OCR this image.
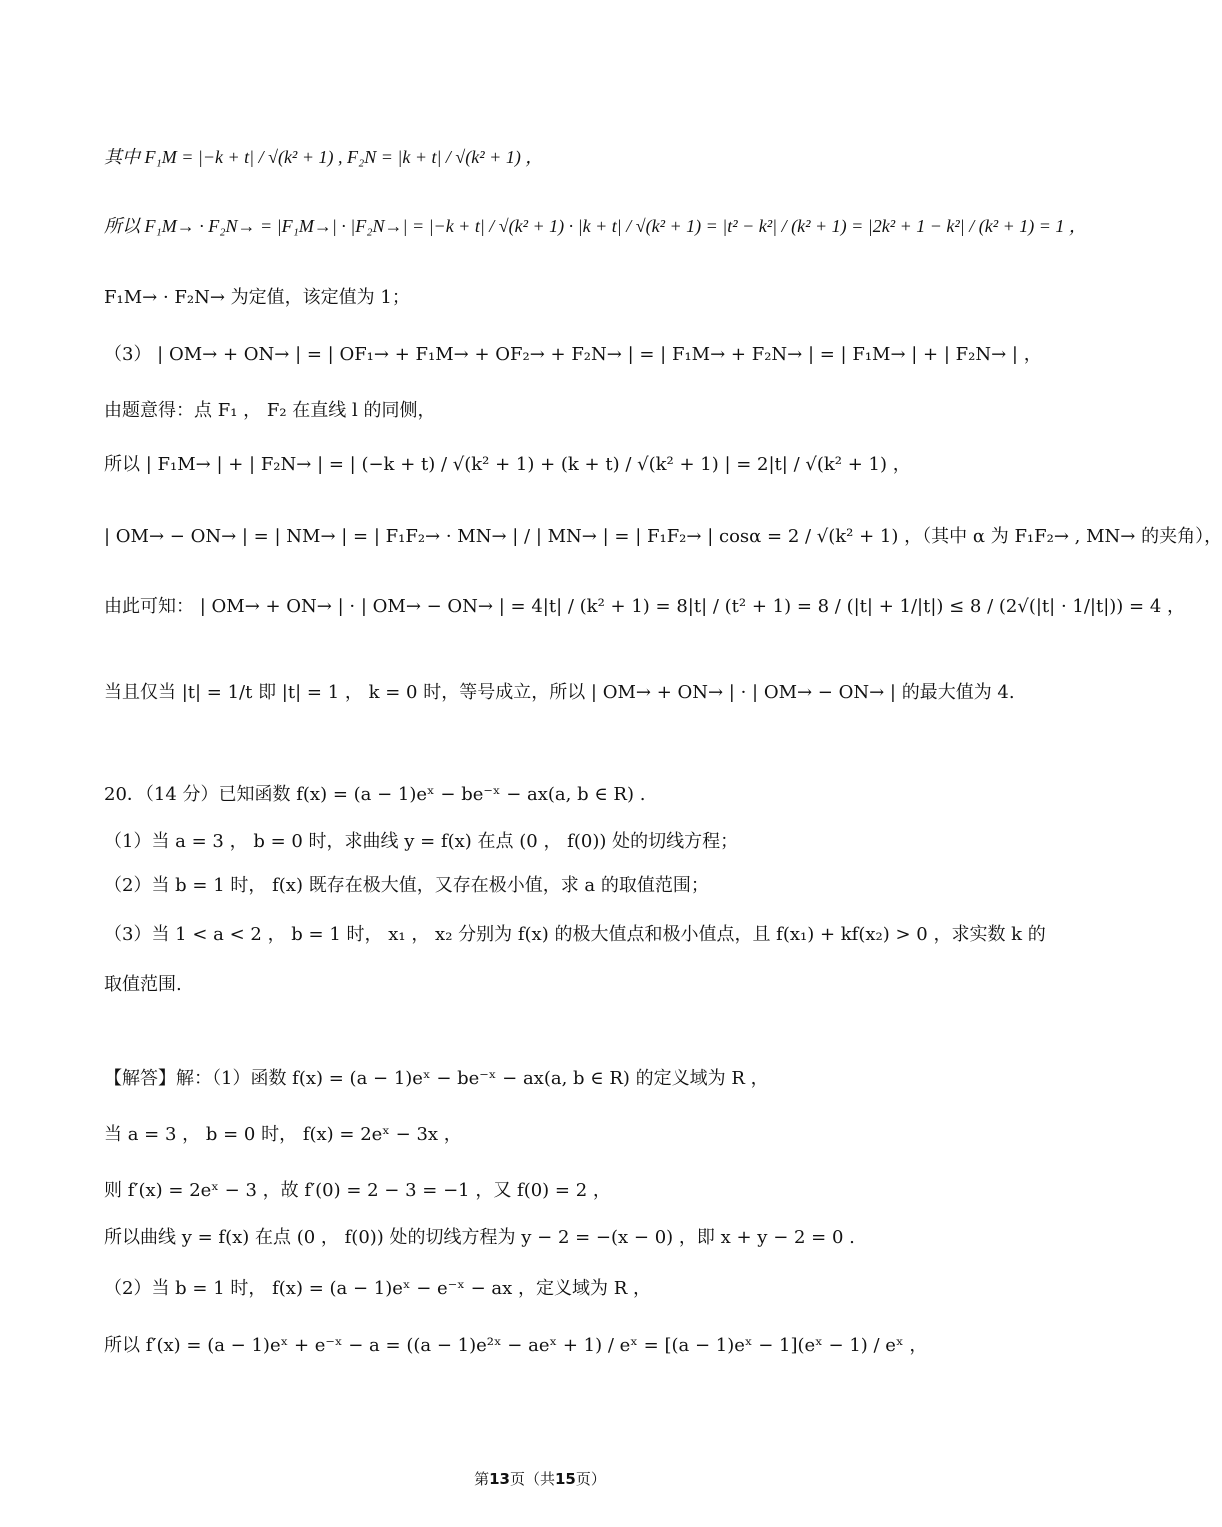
其中 F₁M = |−k + t| / √(k² + 1) , F₂N = |k + t| / √(k² + 1) ，
所以 F₁M→ · F₂N→ = |F₁M→| · |F₂N→| = |−k + t| / √(k² + 1) · |k + t| / √(k² + 1) = |t² − k²| / (k² + 1) = |2k² + 1 − k²| / (k² + 1) = 1 ，
F₁M→ · F₂N→ 为定值，该定值为 1；
（3） | OM→ + ON→ | = | OF₁→ + F₁M→ + OF₂→ + F₂N→ | = | F₁M→ + F₂N→ | = | F₁M→ | + | F₂N→ | ，
由题意得：点 F₁ ， F₂ 在直线 l 的同侧，
所以 | F₁M→ | + | F₂N→ | = | (−k + t) / √(k² + 1) + (k + t) / √(k² + 1) | = 2|t| / √(k² + 1) ，
| OM→ − ON→ | = | NM→ | = | F₁F₂→ · MN→ | / | MN→ | = | F₁F₂→ | cosα = 2 / √(k² + 1) ，（其中 α 为 F₁F₂→ , MN→ 的夹角），
由此可知： | OM→ + ON→ | · | OM→ − ON→ | = 4|t| / (k² + 1) = 8|t| / (t² + 1) = 8 / (|t| + 1/|t|) ≤ 8 / (2√(|t| · 1/|t|)) = 4 ，
当且仅当 |t| = 1/t 即 |t| = 1 ， k = 0 时，等号成立，所以 | OM→ + ON→ | · | OM→ − ON→ | 的最大值为 4.
20．（14 分）已知函数 f(x) = (a − 1)eˣ − be⁻ˣ − ax(a, b ∈ R) .
（1）当 a = 3 ， b = 0 时，求曲线 y = f(x) 在点 (0 ， f(0)) 处的切线方程；
（2）当 b = 1 时， f(x) 既存在极大值，又存在极小值，求 a 的取值范围；
（3）当 1 < a < 2 ， b = 1 时， x₁ ， x₂ 分别为 f(x) 的极大值点和极小值点，且 f(x₁) + kf(x₂) > 0 ，求实数 k 的
取值范围.
【解答】解：（1）函数 f(x) = (a − 1)eˣ − be⁻ˣ − ax(a, b ∈ R) 的定义域为 R ，
当 a = 3 ， b = 0 时， f(x) = 2eˣ − 3x ，
则 f′(x) = 2eˣ − 3 ，故 f′(0) = 2 − 3 = −1 ，又 f(0) = 2 ，
所以曲线 y = f(x) 在点 (0 ， f(0)) 处的切线方程为 y − 2 = −(x − 0) ，即 x + y − 2 = 0 .
（2）当 b = 1 时， f(x) = (a − 1)eˣ − e⁻ˣ − ax ，定义域为 R ，
所以 f′(x) = (a − 1)eˣ + e⁻ˣ − a = ((a − 1)e²ˣ − aeˣ + 1) / eˣ = [(a − 1)eˣ − 1](eˣ − 1) / eˣ ，
第13页（共15页）
